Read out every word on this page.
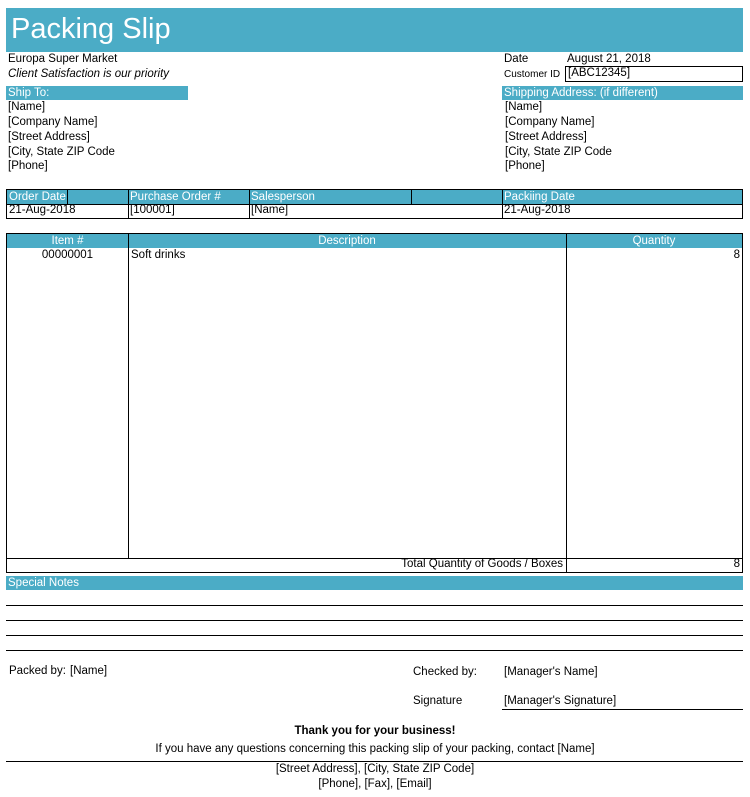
Packing Slip
Europa Super Market
Client Satisfaction is our priority
Date	August 21, 2018
Customer ID [ABC12345]
Ship To:
[Name]
[Company Name]
[Street Address]
[City, State ZIP Code
[Phone]
Shipping Address: (if different)
[Name]
[Company Name]
[Street Address]
[City, State ZIP Code
[Phone]
Order Date	Purchase Order #	Salesperson	Packiing Date
21-Aug-2018	[100001]	[Name]	21-Aug-2018
Item #	Description	Quantity
00000001	Soft drinks	8
Total Quantity of Goods / Boxes	8
Special Notes
Packed by: [Name]	Checked by: [Manager's Name]
Signature	[Manager's Signature]
Thank you for your business!
If you have any questions concerning this packing slip of your packing, contact [Name]
[Street Address], [City, State ZIP Code]
[Phone], [Fax], [Email]
